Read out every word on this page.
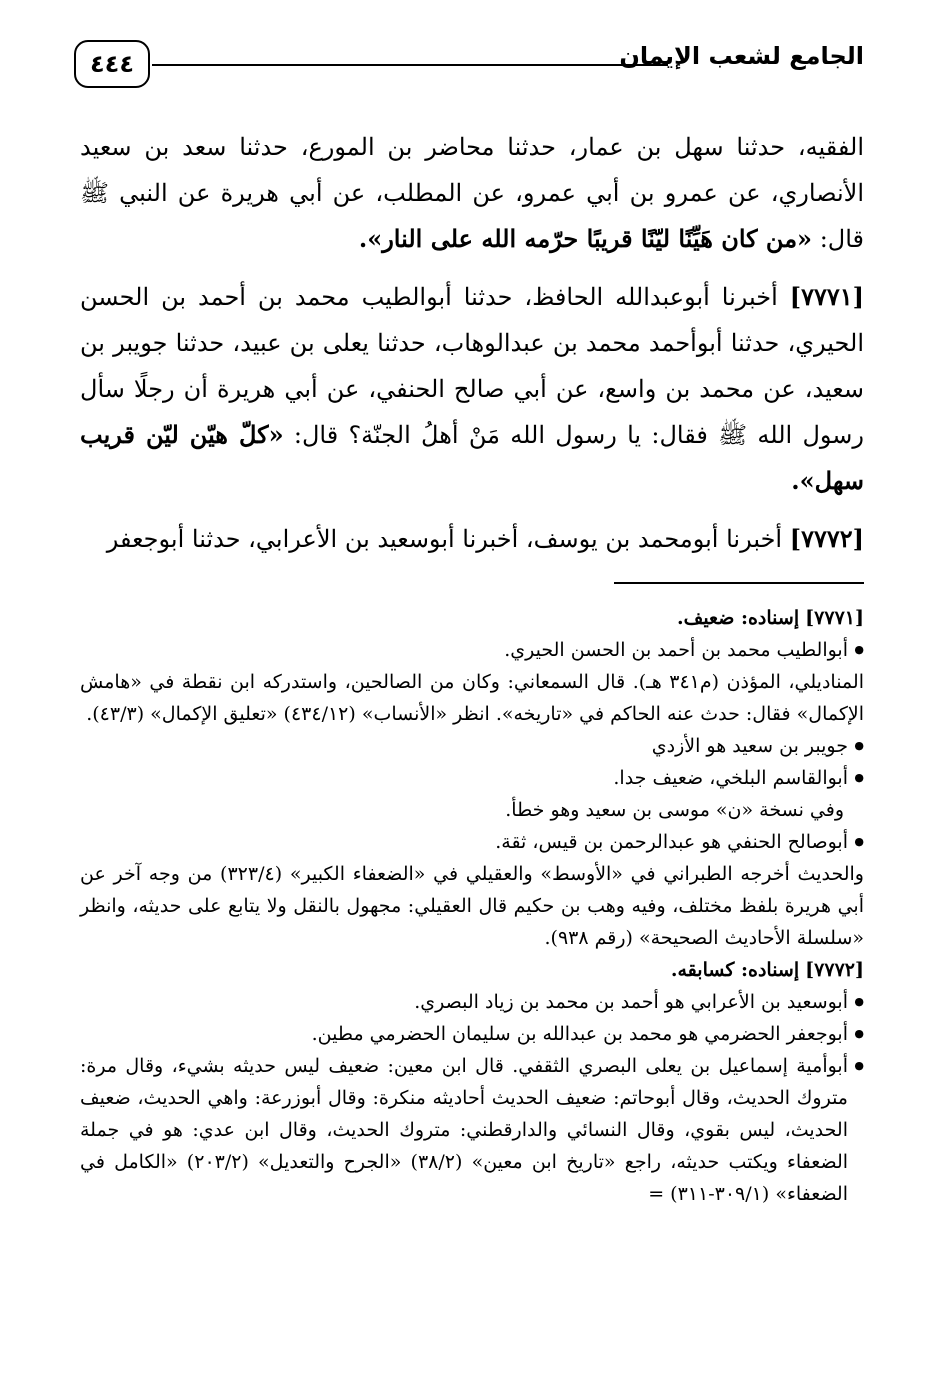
الجامع لشعب الإيمان
٤٤٤

الفقيه، حدثنا سهل بن عمار، حدثنا محاضر بن المورع، حدثنا سعد بن سعيد الأنصاري، عن عمرو بن أبي عمرو، عن المطلب، عن أبي هريرة عن النبي ﷺ قال: «من كان هَيِّنًا ليّنًا قريبًا حرّمه الله على النار».

[٧٧٧١] أخبرنا أبوعبدالله الحافظ، حدثنا أبوالطيب محمد بن أحمد بن الحسن الحيري، حدثنا أبوأحمد محمد بن عبدالوهاب، حدثنا يعلى بن عبيد، حدثنا جويبر بن سعيد، عن محمد بن واسع، عن أبي صالح الحنفي، عن أبي هريرة أن رجلًا سأل رسول الله ﷺ فقال: يا رسول الله مَنْ أهلُ الجنّة؟ قال: «كلّ هيّن ليّن قريب سهل».

[٧٧٧٢] أخبرنا أبومحمد بن يوسف، أخبرنا أبوسعيد بن الأعرابي، حدثنا أبوجعفر

[٧٧٧١] إسناده: ضعيف.

● أبوالطيب محمد بن أحمد بن الحسن الحيري.

المناديلي، المؤذن (م٣٤١ هـ). قال السمعاني: وكان من الصالحين، واستدركه ابن نقطة في «هامش الإكمال» فقال: حدث عنه الحاكم في «تاريخه». انظر «الأنساب» (٤٣٤/١٢) «تعليق الإكمال» (٤٣/٣).

● جويبر بن سعيد هو الأزدي
● أبوالقاسم البلخي، ضعيف جدا.

وفي نسخة «ن» موسى بن سعيد وهو خطأ.

● أبوصالح الحنفي هو عبدالرحمن بن قيس، ثقة.

والحديث أخرجه الطبراني في «الأوسط» والعقيلي في «الضعفاء الكبير» (٣٢٣/٤) من وجه آخر عن أبي هريرة بلفظ مختلف، وفيه وهب بن حكيم قال العقيلي: مجهول بالنقل ولا يتابع على حديثه، وانظر «سلسلة الأحاديث الصحيحة» (رقم ٩٣٨).

[٧٧٧٢] إسناده: كسابقه.

● أبوسعيد بن الأعرابي هو أحمد بن محمد بن زياد البصري.
● أبوجعفر الحضرمي هو محمد بن عبدالله بن سليمان الحضرمي مطين.
● أبوأمية إسماعيل بن يعلى البصري الثقفي. قال ابن معين: ضعيف ليس حديثه بشيء، وقال مرة: متروك الحديث، وقال أبوحاتم: ضعيف الحديث أحاديثه منكرة: وقال أبوزرعة: واهي الحديث، ضعيف الحديث، ليس بقوي، وقال النسائي والدارقطني: متروك الحديث، وقال ابن عدي: هو في جملة الضعفاء ويكتب حديثه، راجع «تاريخ ابن معين» (٣٨/٢) «الجرح والتعديل» (٢٠٣/٢) «الكامل في الضعفاء» (٣٠٩/١-٣١١) =
